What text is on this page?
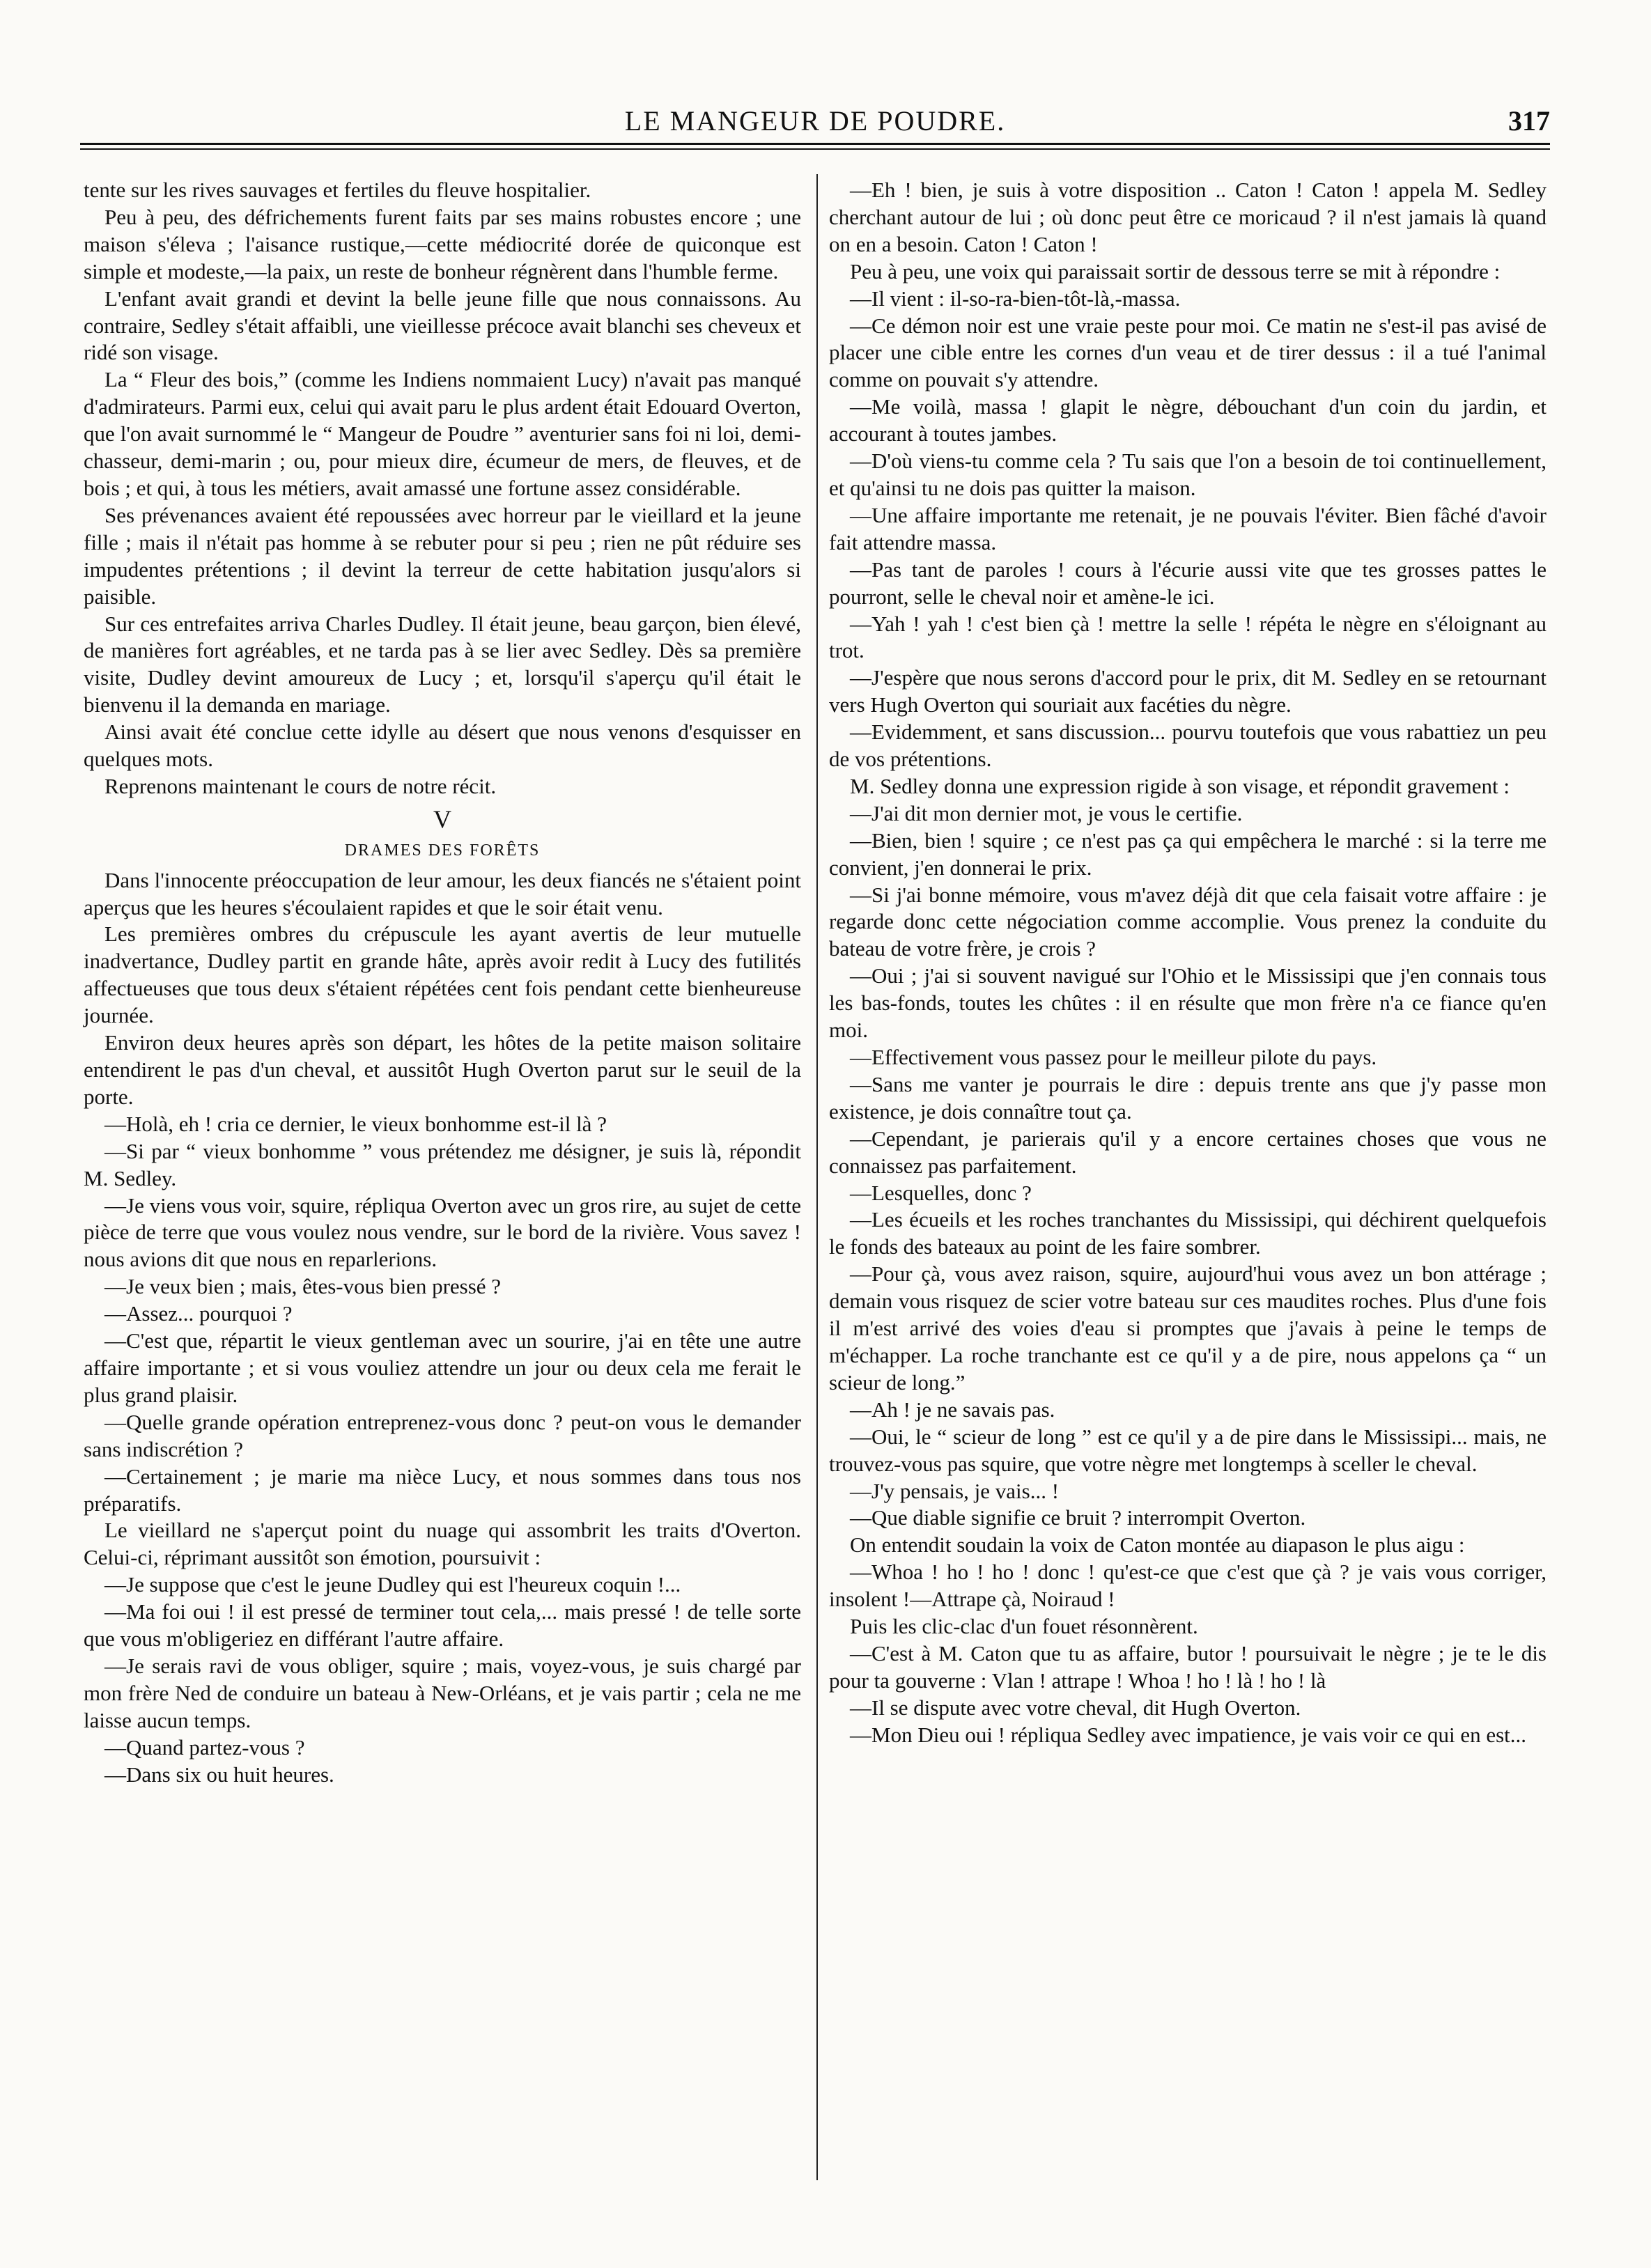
LE MANGEUR DE POUDRE.	317

tente sur les rives sauvages et fertiles du fleuve hospitalier.

Peu à peu, des défrichements furent faits par ses mains robustes encore ; une maison s'éleva ; l'aisance rustique,—cette médiocrité dorée de quiconque est simple et modeste,—la paix, un reste de bonheur régnèrent dans l'humble ferme.

L'enfant avait grandi et devint la belle jeune fille que nous connaissons. Au contraire, Sedley s'était affaibli, une vieillesse précoce avait blanchi ses cheveux et ridé son visage.

La “ Fleur des bois,” (comme les Indiens nommaient Lucy) n'avait pas manqué d'admirateurs. Parmi eux, celui qui avait paru le plus ardent était Edouard Overton, que l'on avait surnommé le “ Mangeur de Poudre ” aventurier sans foi ni loi, demi-chasseur, demi-marin ; ou, pour mieux dire, écumeur de mers, de fleuves, et de bois ; et qui, à tous les métiers, avait amassé une fortune assez considérable.

Ses prévenances avaient été repoussées avec horreur par le vieillard et la jeune fille ; mais il n'était pas homme à se rebuter pour si peu ; rien ne pût réduire ses impudentes prétentions ; il devint la terreur de cette habitation jusqu'alors si paisible.

Sur ces entrefaites arriva Charles Dudley. Il était jeune, beau garçon, bien élevé, de manières fort agréables, et ne tarda pas à se lier avec Sedley. Dès sa première visite, Dudley devint amoureux de Lucy ; et, lorsqu'il s'aperçu qu'il était le bienvenu il la demanda en mariage.

Ainsi avait été conclue cette idylle au désert que nous venons d'esquisser en quelques mots.

Reprenons maintenant le cours de notre récit.

V

DRAMES DES FORÊTS

Dans l'innocente préoccupation de leur amour, les deux fiancés ne s'étaient point aperçus que les heures s'écoulaient rapides et que le soir était venu.

Les premières ombres du crépuscule les ayant avertis de leur mutuelle inadvertance, Dudley partit en grande hâte, après avoir redit à Lucy des futilités affectueuses que tous deux s'étaient répétées cent fois pendant cette bienheureuse journée.

Environ deux heures après son départ, les hôtes de la petite maison solitaire entendirent le pas d'un cheval, et aussitôt Hugh Overton parut sur le seuil de la porte.

—Holà, eh ! cria ce dernier, le vieux bonhomme est-il là ?

—Si par “ vieux bonhomme ” vous prétendez me désigner, je suis là, répondit M. Sedley.

—Je viens vous voir, squire, répliqua Overton avec un gros rire, au sujet de cette pièce de terre que vous voulez nous vendre, sur le bord de la rivière. Vous savez ! nous avions dit que nous en reparlerions.

—Je veux bien ; mais, êtes-vous bien pressé ?

—Assez... pourquoi ?

—C'est que, répartit le vieux gentleman avec un sourire, j'ai en tête une autre affaire importante ; et si vous vouliez attendre un jour ou deux cela me ferait le plus grand plaisir.

—Quelle grande opération entreprenez-vous donc ? peut-on vous le demander sans indiscrétion ?

—Certainement ; je marie ma nièce Lucy, et nous sommes dans tous nos préparatifs.

Le vieillard ne s'aperçut point du nuage qui assombrit les traits d'Overton. Celui-ci, réprimant aussitôt son émotion, poursuivit :

—Je suppose que c'est le jeune Dudley qui est l'heureux coquin !...

—Ma foi oui ! il est pressé de terminer tout cela,... mais pressé ! de telle sorte que vous m'obligeriez en différant l'autre affaire.

—Je serais ravi de vous obliger, squire ; mais, voyez-vous, je suis chargé par mon frère Ned de conduire un bateau à New-Orléans, et je vais partir ; cela ne me laisse aucun temps.

—Quand partez-vous ?

—Dans six ou huit heures.

—Eh ! bien, je suis à votre disposition .. Caton ! Caton ! appela M. Sedley cherchant autour de lui ; où donc peut être ce moricaud ? il n'est jamais là quand on en a besoin. Caton ! Caton !

Peu à peu, une voix qui paraissait sortir de dessous terre se mit à répondre :

—Il vient : il-so-ra-bien-tôt-là,-massa.

—Ce démon noir est une vraie peste pour moi. Ce matin ne s'est-il pas avisé de placer une cible entre les cornes d'un veau et de tirer dessus : il a tué l'animal comme on pouvait s'y attendre.

—Me voilà, massa ! glapit le nègre, débouchant d'un coin du jardin, et accourant à toutes jambes.

—D'où viens-tu comme cela ? Tu sais que l'on a besoin de toi continuellement, et qu'ainsi tu ne dois pas quitter la maison.

—Une affaire importante me retenait, je ne pouvais l'éviter. Bien fâché d'avoir fait attendre massa.

—Pas tant de paroles ! cours à l'écurie aussi vite que tes grosses pattes le pourront, selle le cheval noir et amène-le ici.

—Yah ! yah ! c'est bien çà ! mettre la selle ! répéta le nègre en s'éloignant au trot.

—J'espère que nous serons d'accord pour le prix, dit M. Sedley en se retournant vers Hugh Overton qui souriait aux facéties du nègre.

—Evidemment, et sans discussion... pourvu toutefois que vous rabattiez un peu de vos prétentions.

M. Sedley donna une expression rigide à son visage, et répondit gravement :

—J'ai dit mon dernier mot, je vous le certifie.

—Bien, bien ! squire ; ce n'est pas ça qui empêchera le marché : si la terre me convient, j'en donnerai le prix.

—Si j'ai bonne mémoire, vous m'avez déjà dit que cela faisait votre affaire : je regarde donc cette négociation comme accomplie. Vous prenez la conduite du bateau de votre frère, je crois ?

—Oui ; j'ai si souvent navigué sur l'Ohio et le Mississipi que j'en connais tous les bas-fonds, toutes les chûtes : il en résulte que mon frère n'a ce fiance qu'en moi.

—Effectivement vous passez pour le meilleur pilote du pays.

—Sans me vanter je pourrais le dire : depuis trente ans que j'y passe mon existence, je dois connaître tout ça.

—Cependant, je parierais qu'il y a encore certaines choses que vous ne connaissez pas parfaitement.

—Lesquelles, donc ?

—Les écueils et les roches tranchantes du Mississipi, qui déchirent quelquefois le fonds des bateaux au point de les faire sombrer.

—Pour çà, vous avez raison, squire, aujourd'hui vous avez un bon attérage ; demain vous risquez de scier votre bateau sur ces maudites roches. Plus d'une fois il m'est arrivé des voies d'eau si promptes que j'avais à peine le temps de m'échapper. La roche tranchante est ce qu'il y a de pire, nous appelons ça “ un scieur de long.”

—Ah ! je ne savais pas.

—Oui, le “ scieur de long ” est ce qu'il y a de pire dans le Mississipi... mais, ne trouvez-vous pas squire, que votre nègre met longtemps à sceller le cheval.

—J'y pensais, je vais... !

—Que diable signifie ce bruit ? interrompit Overton.

On entendit soudain la voix de Caton montée au diapason le plus aigu :

—Whoa ! ho ! ho ! donc ! qu'est-ce que c'est que çà ? je vais vous corriger, insolent !—Attrape çà, Noiraud !

Puis les clic-clac d'un fouet résonnèrent.

—C'est à M. Caton que tu as affaire, butor ! poursuivait le nègre ; je te le dis pour ta gouverne : Vlan ! attrape ! Whoa ! ho ! là ! ho ! là

—Il se dispute avec votre cheval, dit Hugh Overton.

—Mon Dieu oui ! répliqua Sedley avec impatience, je vais voir ce qui en est...
